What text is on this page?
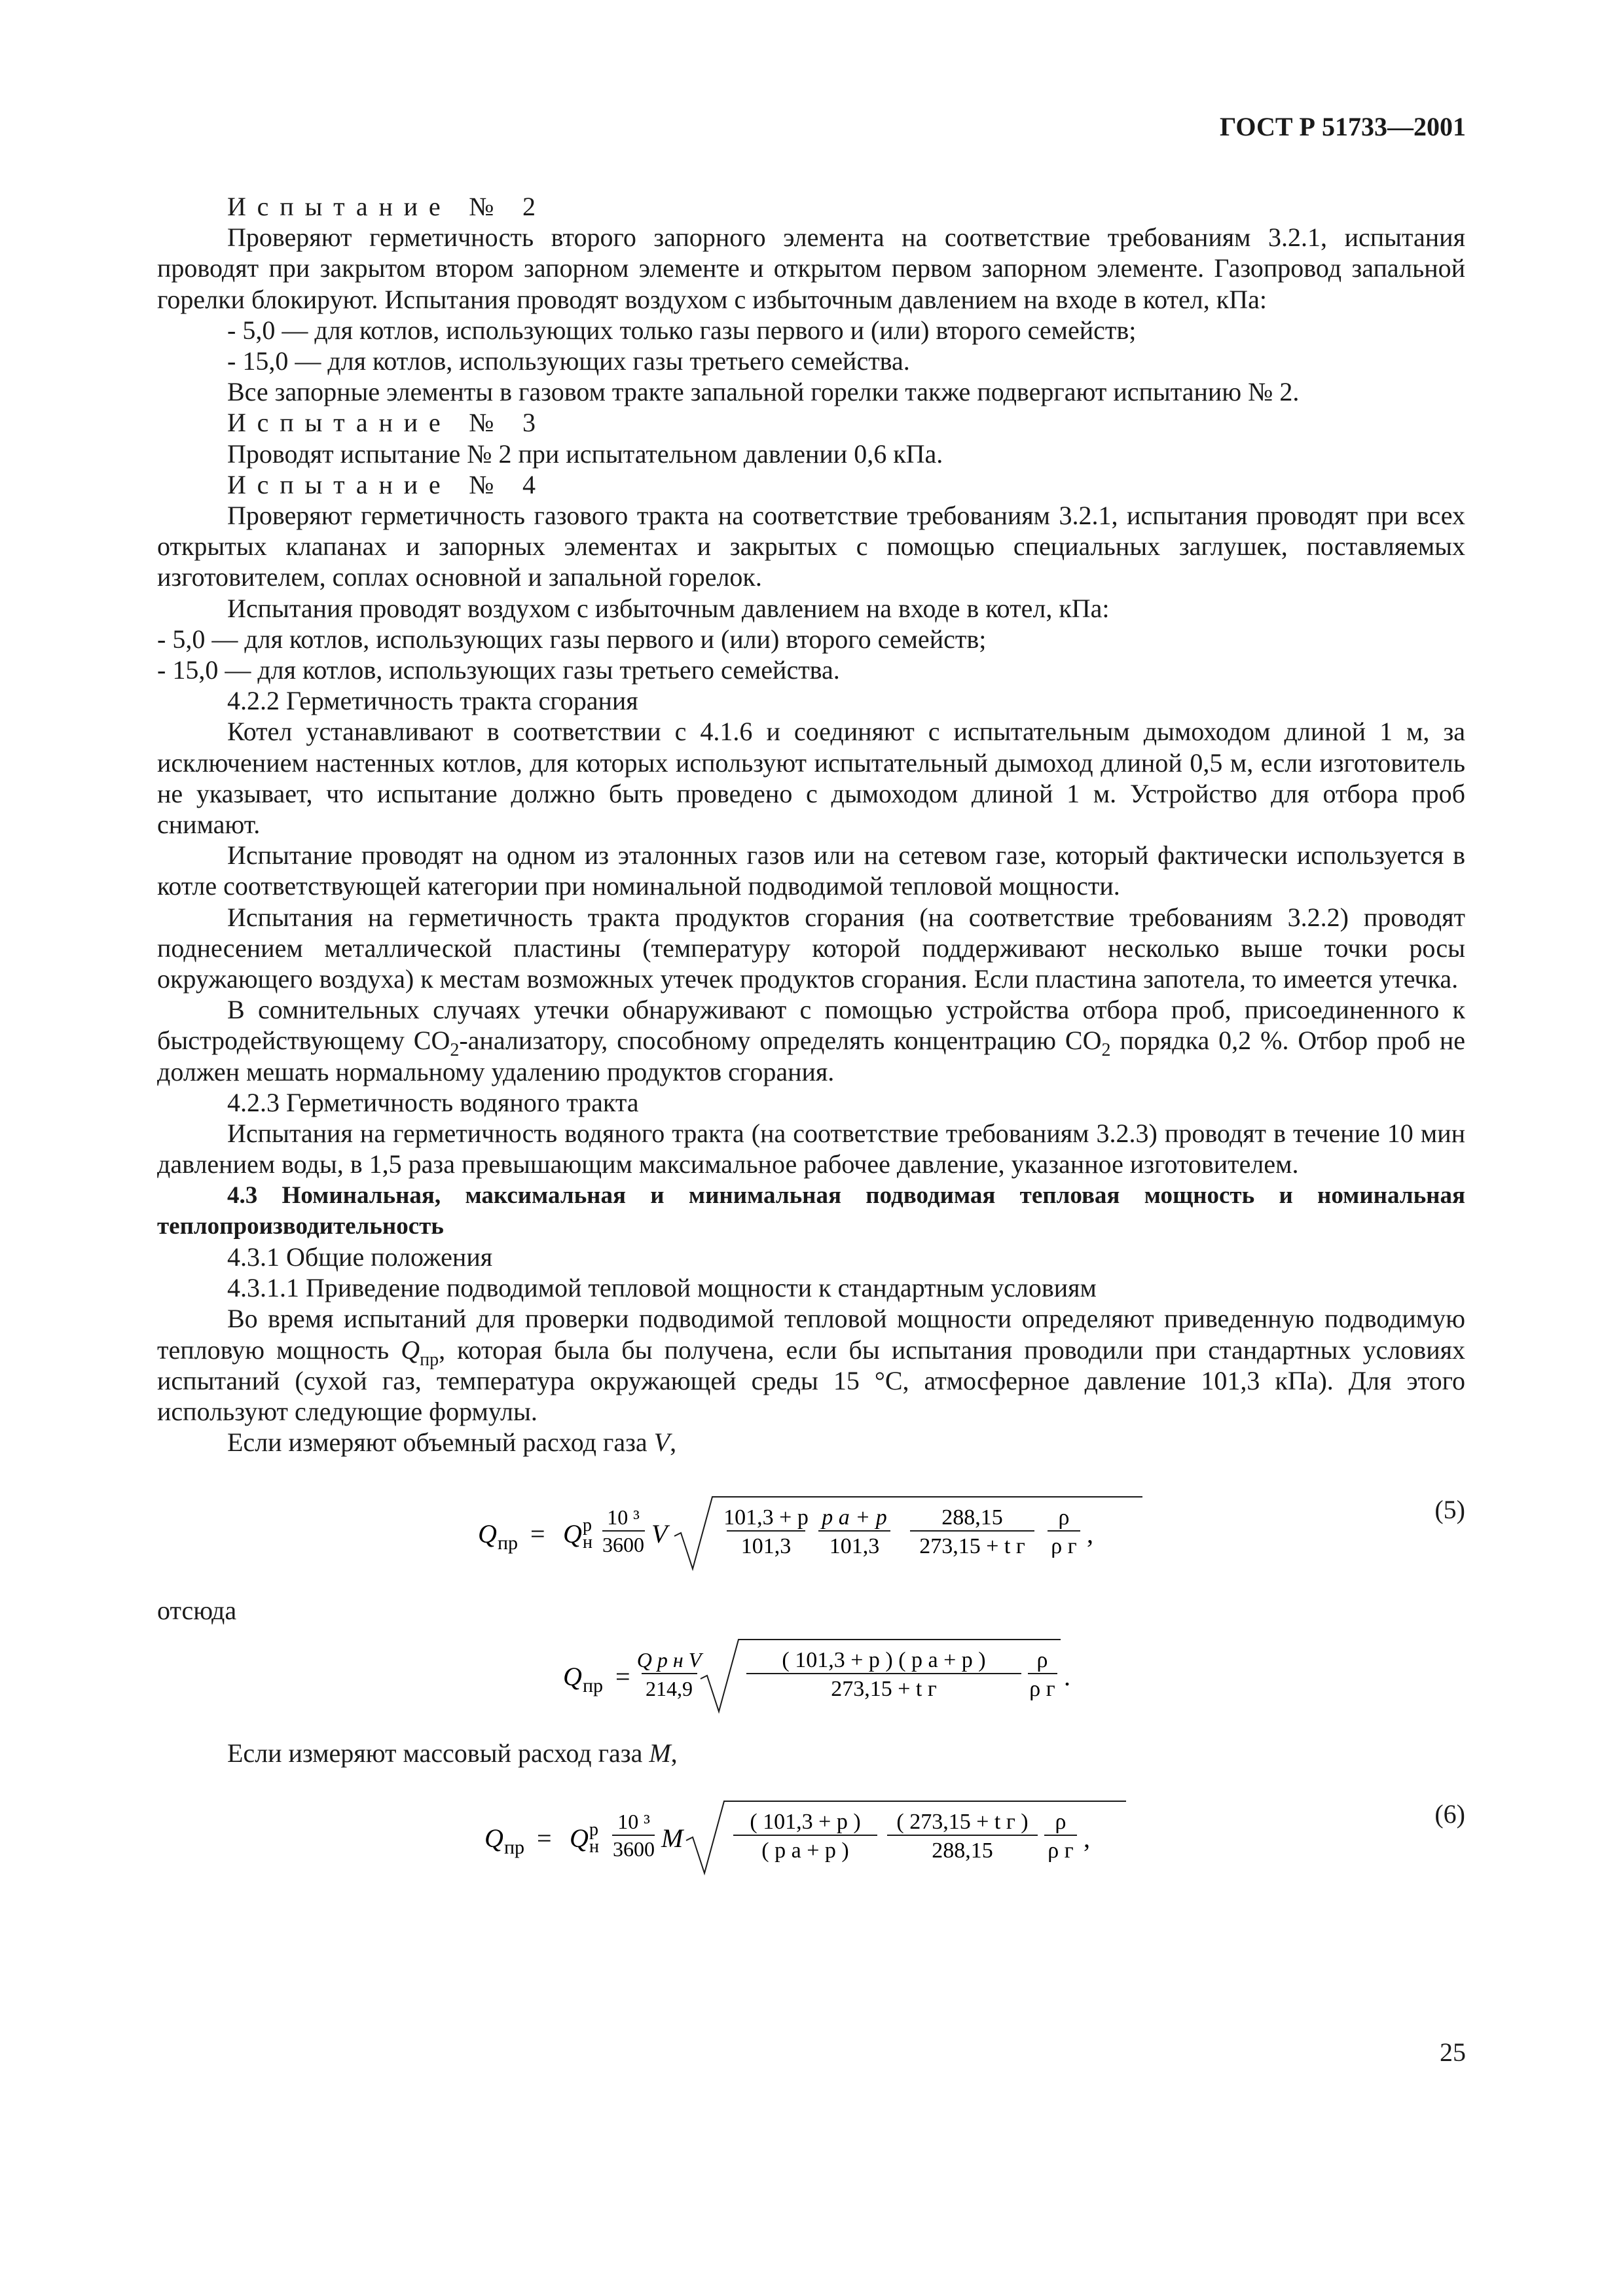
ГОСТ Р 51733—2001

Испытание № 2

Проверяют герметичность второго запорного элемента на соответствие требованиям 3.2.1, испытания проводят при закрытом втором запорном элементе и открытом первом запорном элементе. Газопровод запальной горелки блокируют. Испытания проводят воздухом с избыточным давлением на входе в котел, кПа:

- 5,0 — для котлов, использующих только газы первого и (или) второго семейств;

- 15,0 — для котлов, использующих газы третьего семейства.

Все запорные элементы в газовом тракте запальной горелки также подвергают испытанию № 2.

Испытание № 3

Проводят испытание № 2 при испытательном давлении 0,6 кПа.

Испытание № 4

Проверяют герметичность газового тракта на соответствие требованиям 3.2.1, испытания проводят при всех открытых клапанах и запорных элементах и закрытых с помощью специальных заглушек, поставляемых изготовителем, соплах основной и запальной горелок.

Испытания проводят воздухом с избыточным давлением на входе в котел, кПа:

- 5,0 — для котлов, использующих газы первого и (или) второго семейств;

- 15,0 — для котлов, использующих газы третьего семейства.

4.2.2 Герметичность тракта сгорания

Котел устанавливают в соответствии с 4.1.6 и соединяют с испытательным дымоходом длиной 1 м, за исключением настенных котлов, для которых используют испытательный дымоход длиной 0,5 м, если изготовитель не указывает, что испытание должно быть проведено с дымоходом длиной 1 м. Устройство для отбора проб снимают.

Испытание проводят на одном из эталонных газов или на сетевом газе, который фактически используется в котле соответствующей категории при номинальной подводимой тепловой мощности.

Испытания на герметичность тракта продуктов сгорания (на соответствие требованиям 3.2.2) проводят поднесением металлической пластины (температуру которой поддерживают несколько выше точки росы окружающего воздуха) к местам возможных утечек продуктов сгорания. Если пластина запотела, то имеется утечка.

В сомнительных случаях утечки обнаруживают с помощью устройства отбора проб, присоединенного к быстродействующему $CO_2$-анализатору, способному определять концентрацию $CO_2$ порядка 0,2 %. Отбор проб не должен мешать нормальному удалению продуктов сгорания.

4.2.3 Герметичность водяного тракта

Испытания на герметичность водяного тракта (на соответствие требованиям 3.2.3) проводят в течение 10 мин давлением воды, в 1,5 раза превышающим максимальное рабочее давление, указанное изготовителем.

4.3 Номинальная, максимальная и минимальная подводимая тепловая мощность и номинальная теплопроизводительность

4.3.1 Общие положения

4.3.1.1 Приведение подводимой тепловой мощности к стандартным условиям

Во время испытаний для проверки подводимой тепловой мощности определяют приведенную подводимую тепловую мощность $Q_{пр}$, которая была бы получена, если бы испытания проводили при стандартных условиях испытаний (сухой газ, температура окружающей среды 15 °С, атмосферное давление 101,3 кПа). Для этого используют следующие формулы.

Если измеряют объемный расход газа V,

Q пр = Q р
н
10 ³
3600 V
101,3 + p
101,3
p а + p
101,3
288,15
273,15 + t г
ρ
ρ г ,
(5)

отсюда

Q пр =
Q р н V
214,9
( 101,3 + p ) ( p а + p )
273,15 + t г
ρ
ρ г .

Если измеряют массовый расход газа M,

Q пр = Q р
н
10 ³
3600 M
( 101,3 + p )
( p а + p )
( 273,15 + t г )
288,15
ρ
ρ г ,
(6)
25
